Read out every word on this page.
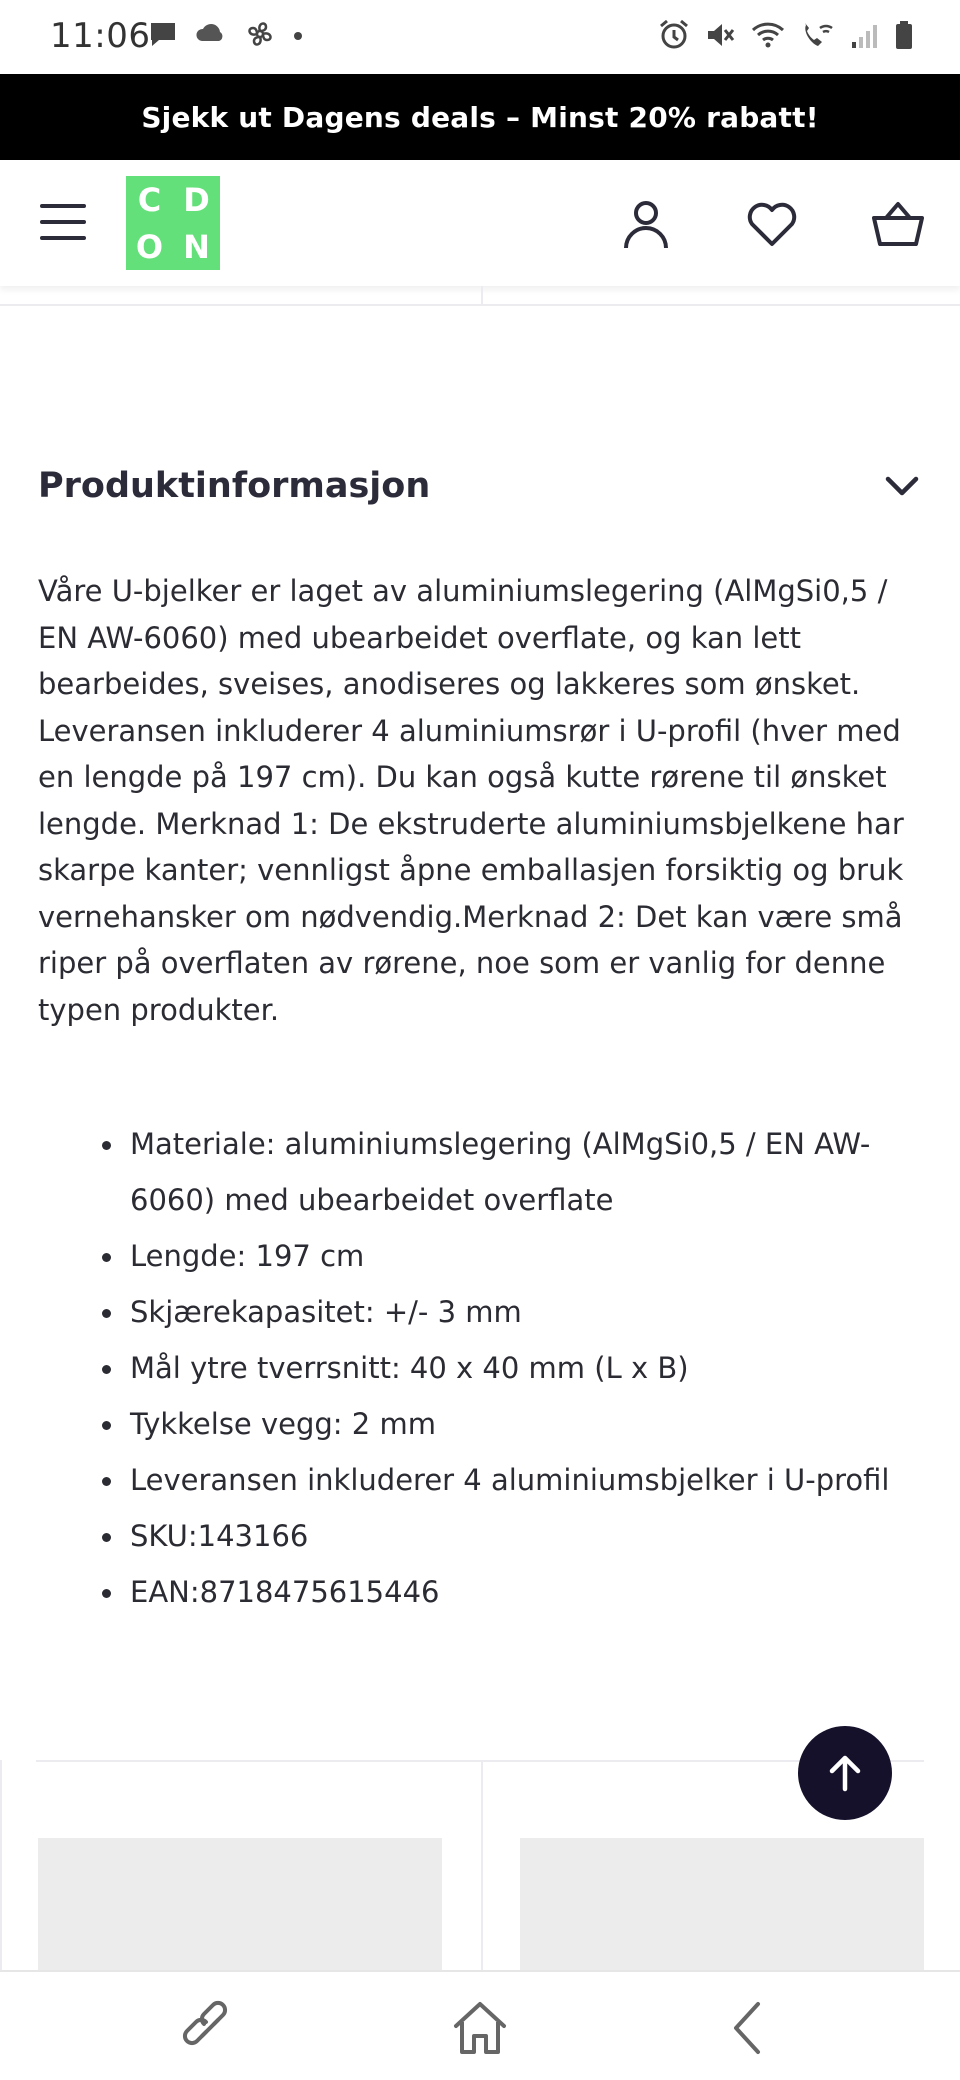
11:06
Sjekk ut Dagens deals – Minst 20% rabatt!
C D
O N
Produktinformasjon

Våre U-bjelker er laget av aluminiumslegering (AlMgSi0,5 / EN AW-6060) med ubearbeidet overflate, og kan lett bearbeides, sveises, anodiseres og lakkeres som ønsket. Leveransen inkluderer 4 aluminiumsrør i U-profil (hver med en lengde på 197 cm). Du kan også kutte rørene til ønsket lengde. Merknad 1: De ekstruderte aluminiumsbjelkene har skarpe kanter; vennligst åpne emballasjen forsiktig og bruk vernehansker om nødvendig.Merknad 2: Det kan være små riper på overflaten av rørene, noe som er vanlig for denne typen produkter.

Materiale: aluminiumslegering (AlMgSi0,5 / EN AW-6060) med ubearbeidet overflate
Lengde: 197 cm
Skjærekapasitet: +/- 3 mm
Mål ytre tverrsnitt: 40 x 40 mm (L x B)
Tykkelse vegg: 2 mm
Leveransen inkluderer 4 aluminiumsbjelker i U-profil
SKU:143166
EAN:8718475615446
